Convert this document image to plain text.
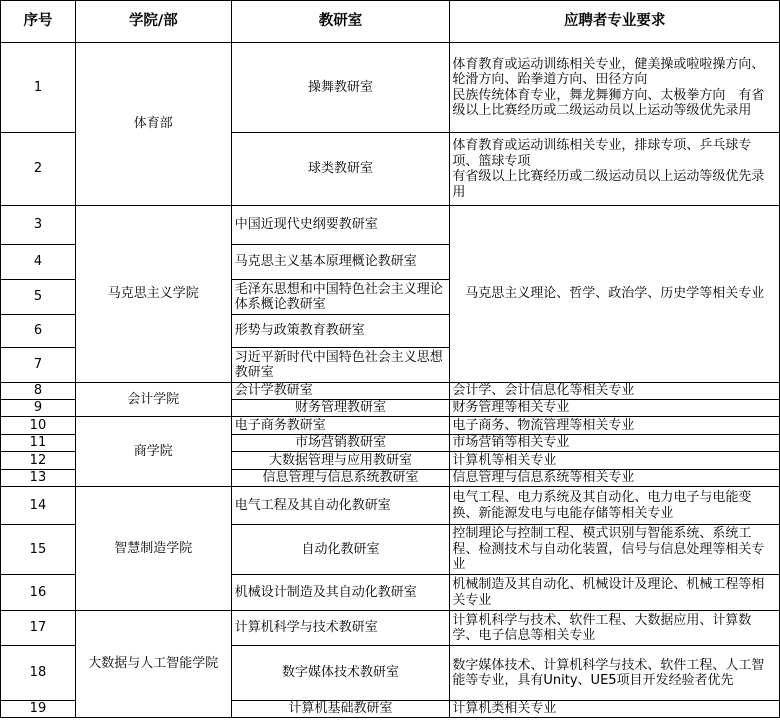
序号	学院/部	教研室	应聘者专业要求
1	体育部	操舞教研室	体育教育或运动训练相关专业，健美操或啦啦操方向、轮滑方向、跆拳道方向、田径方向
民族传统体育专业，舞龙舞狮方向、太极拳方向　有省级以上比赛经历或二级运动员以上运动等级优先录用
2		球类教研室	体育教育或运动训练相关专业，排球专项、乒乓球专项、篮球专项
有省级以上比赛经历或二级运动员以上运动等级优先录用
3	马克思主义学院	中国近现代史纲要教研室	马克思主义理论、哲学、政治学、历史学等相关专业
4		马克思主义基本原理概论教研室	
5		毛泽东思想和中国特色社会主义理论体系概论教研室	
6		形势与政策教育教研室	
7		习近平新时代中国特色社会主义思想教研室	
8	会计学院	会计学教研室	会计学、会计信息化等相关专业
9		财务管理教研室	财务管理等相关专业
10	商学院	电子商务教研室	电子商务、物流管理等相关专业
11		市场营销教研室	市场营销等相关专业
12		大数据管理与应用教研室	计算机等相关专业
13		信息管理与信息系统教研室	信息管理与信息系统等相关专业
14	智慧制造学院	电气工程及其自动化教研室	电气工程、电力系统及其自动化、电力电子与电能变换、新能源发电与电能存储等相关专业
15		自动化教研室	控制理论与控制工程、模式识别与智能系统、系统工程、检测技术与自动化装置，信号与信息处理等相关专业
16		机械设计制造及其自动化教研室	机械制造及其自动化、机械设计及理论、机械工程等相关专业
17	大数据与人工智能学院	计算机科学与技术教研室	计算机科学与技术、软件工程、大数据应用、计算数学、电子信息等相关专业
18		数字媒体技术教研室	数字媒体技术、计算机科学与技术、软件工程、人工智能等专业，具有Unity、UE5项目开发经验者优先
19		计算机基础教研室	计算机类相关专业
